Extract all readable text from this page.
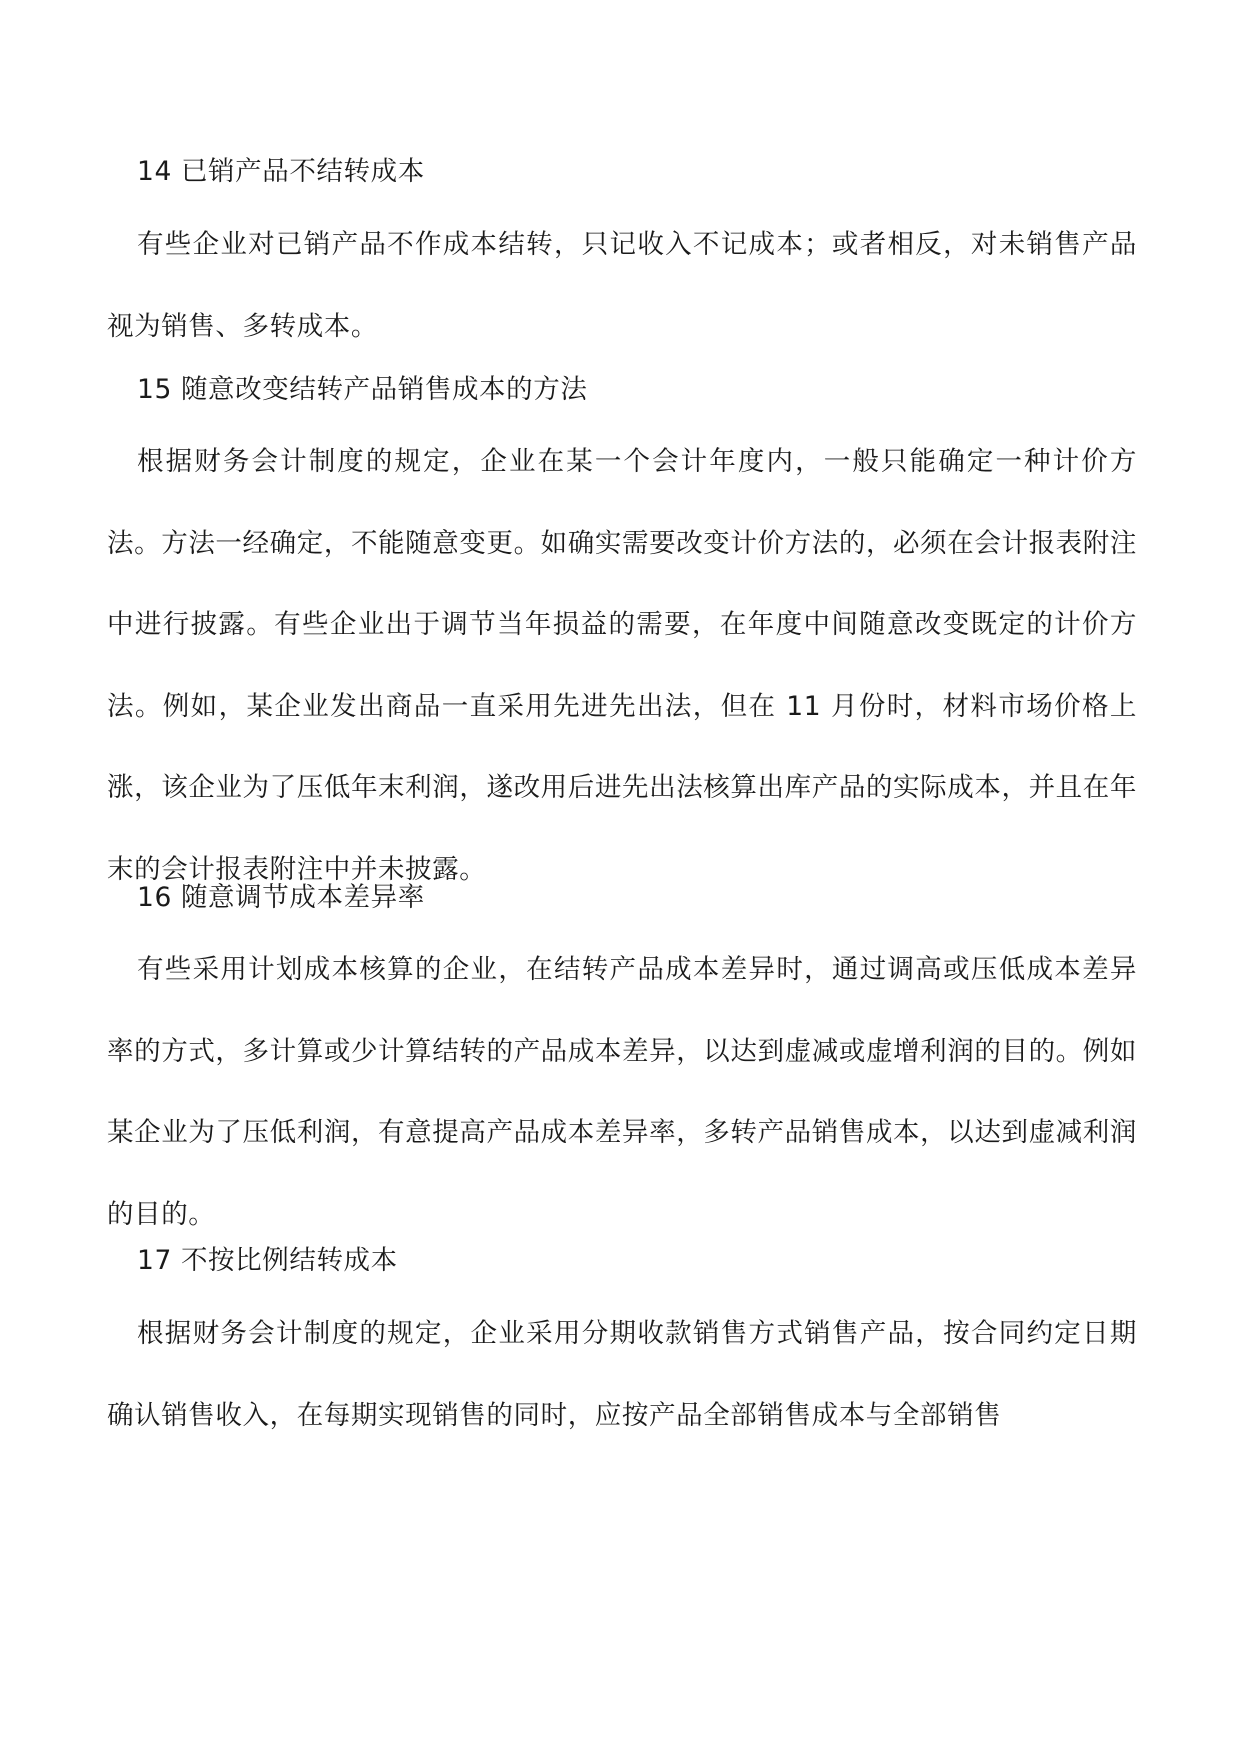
14 已销产品不结转成本

有些企业对已销产品不作成本结转，只记收入不记成本；或者相反，对未销售产品视为销售、多转成本。

15 随意改变结转产品销售成本的方法

根据财务会计制度的规定，企业在某一个会计年度内，一般只能确定一种计价方法。方法一经确定，不能随意变更。如确实需要改变计价方法的，必须在会计报表附注中进行披露。有些企业出于调节当年损益的需要，在年度中间随意改变既定的计价方法。例如，某企业发出商品一直采用先进先出法，但在 11 月份时，材料市场价格上涨，该企业为了压低年末利润，遂改用后进先出法核算出库产品的实际成本，并且在年末的会计报表附注中并未披露。

16 随意调节成本差异率

有些采用计划成本核算的企业，在结转产品成本差异时，通过调高或压低成本差异率的方式，多计算或少计算结转的产品成本差异，以达到虚减或虚增利润的目的。例如某企业为了压低利润，有意提高产品成本差异率，多转产品销售成本，以达到虚减利润的目的。

17 不按比例结转成本

根据财务会计制度的规定，企业采用分期收款销售方式销售产品，按合同约定日期确认销售收入，在每期实现销售的同时，应按产品全部销售成本与全部销售
